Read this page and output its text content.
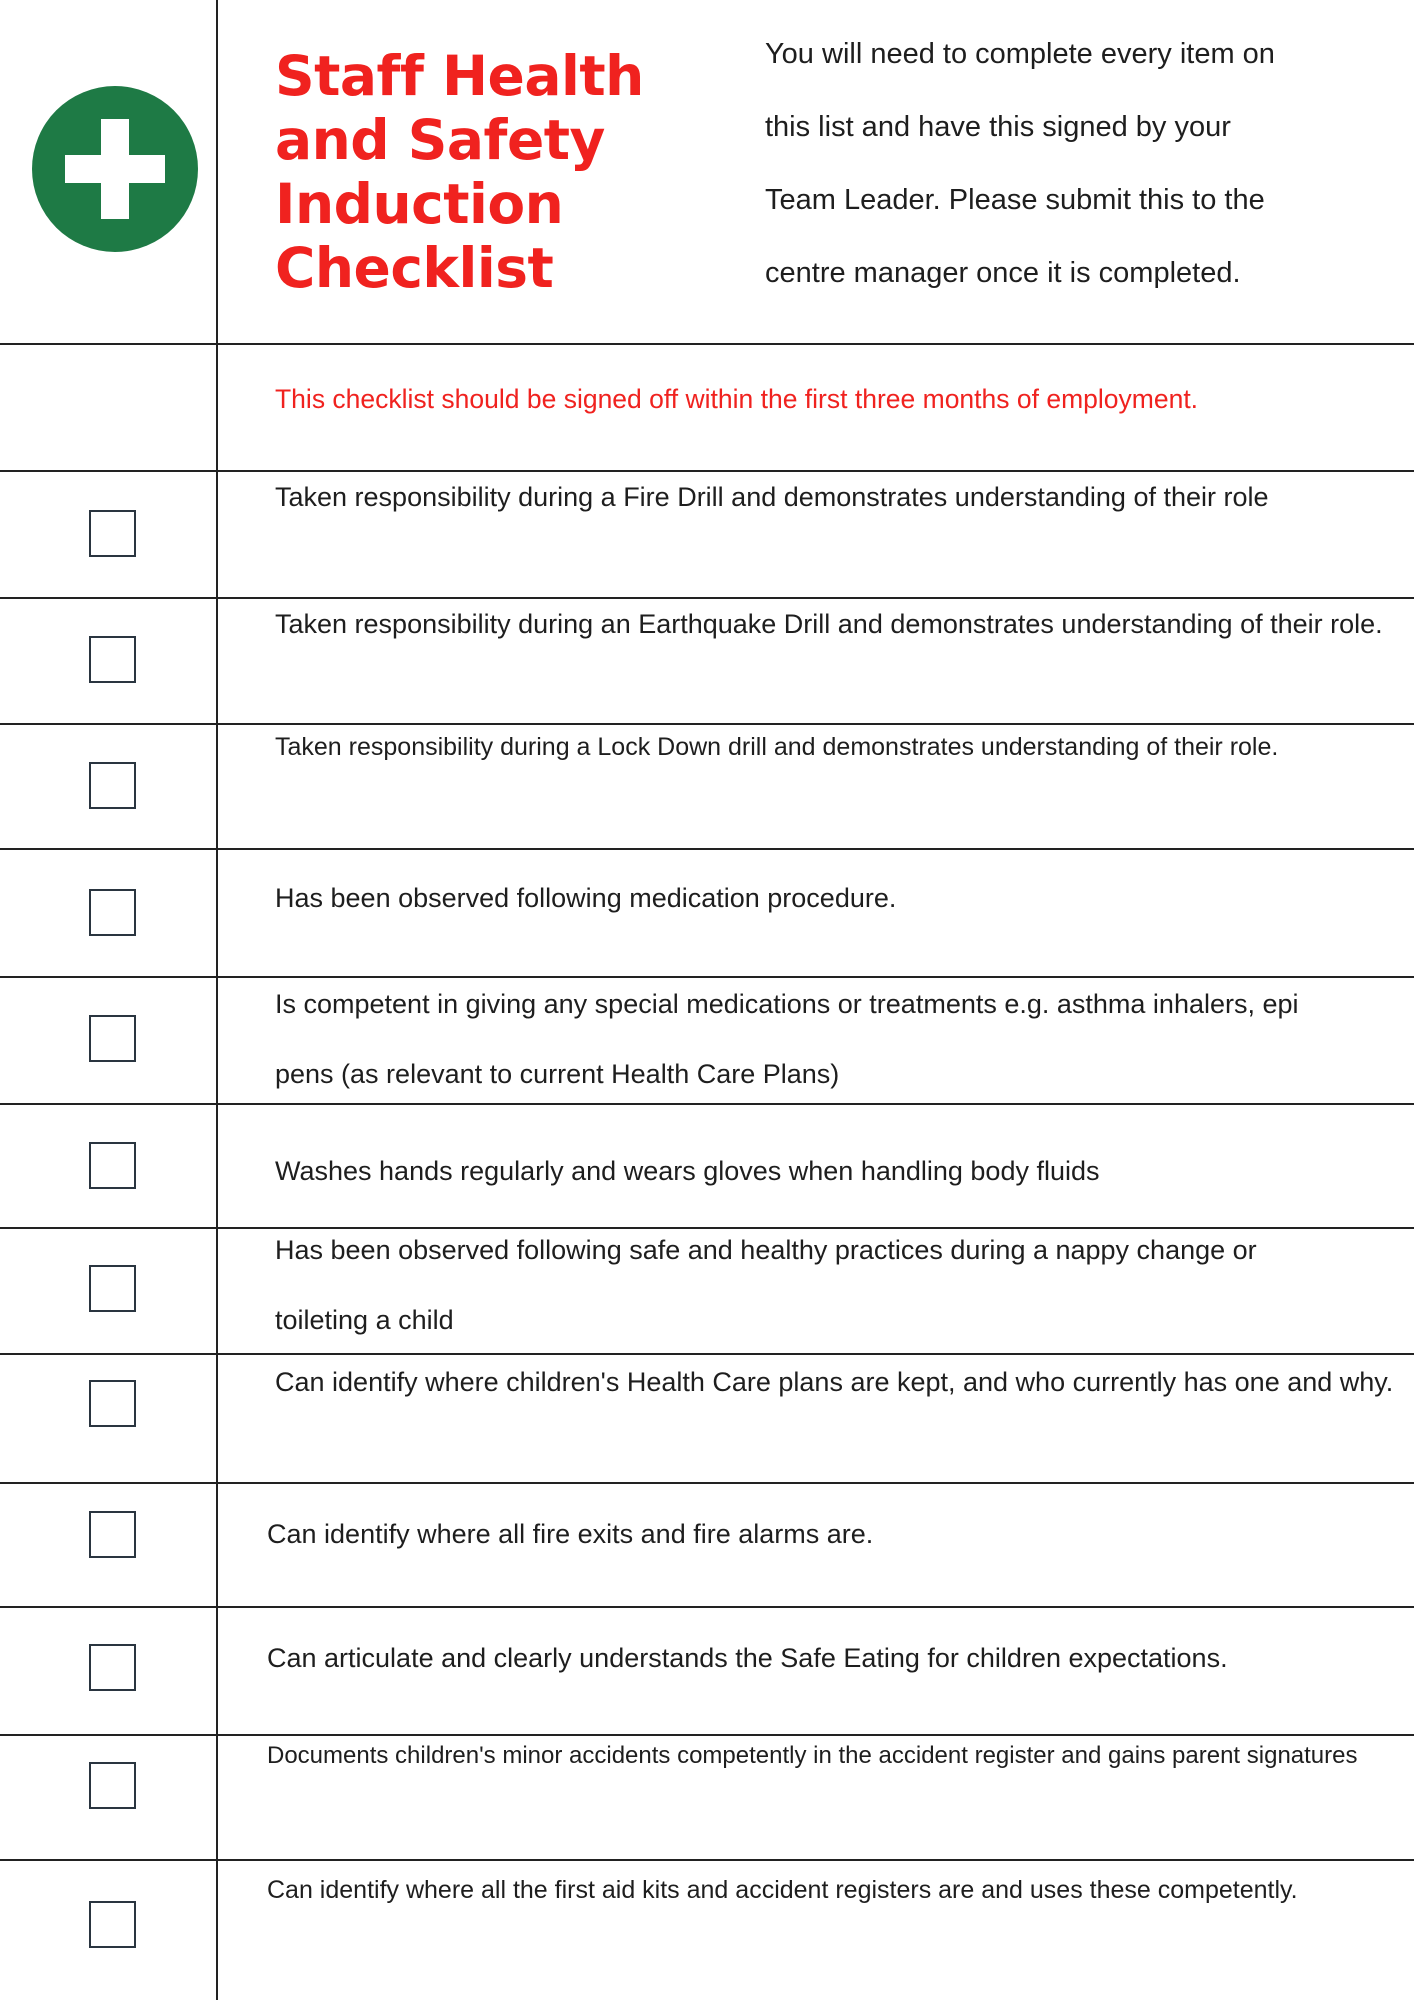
Staff Health
and Safety
Induction
Checklist

You will need to complete every item on
this list and have this signed by your
Team Leader. Please submit this to the
centre manager once it is completed.

This checklist should be signed off within the first three months of employment.

Taken responsibility during a Fire Drill and demonstrates understanding of their role

Taken responsibility during an Earthquake Drill and demonstrates understanding of their role.

Taken responsibility during a Lock Down drill and demonstrates understanding of their role.

Has been observed following medication procedure.

Is competent in giving any special medications or treatments e.g. asthma inhalers, epi pens (as relevant to current Health Care Plans)

Washes hands regularly and wears gloves when handling body fluids

Has been observed following safe and healthy practices during a nappy change or toileting a child

Can identify where children's Health Care plans are kept, and who currently has one and why.

Can identify where all fire exits and fire alarms are.

Can articulate and clearly understands the Safe Eating for children expectations.

Documents children's minor accidents competently in the accident register and gains parent signatures

Can identify where all the first aid kits and accident registers are and uses these competently.
